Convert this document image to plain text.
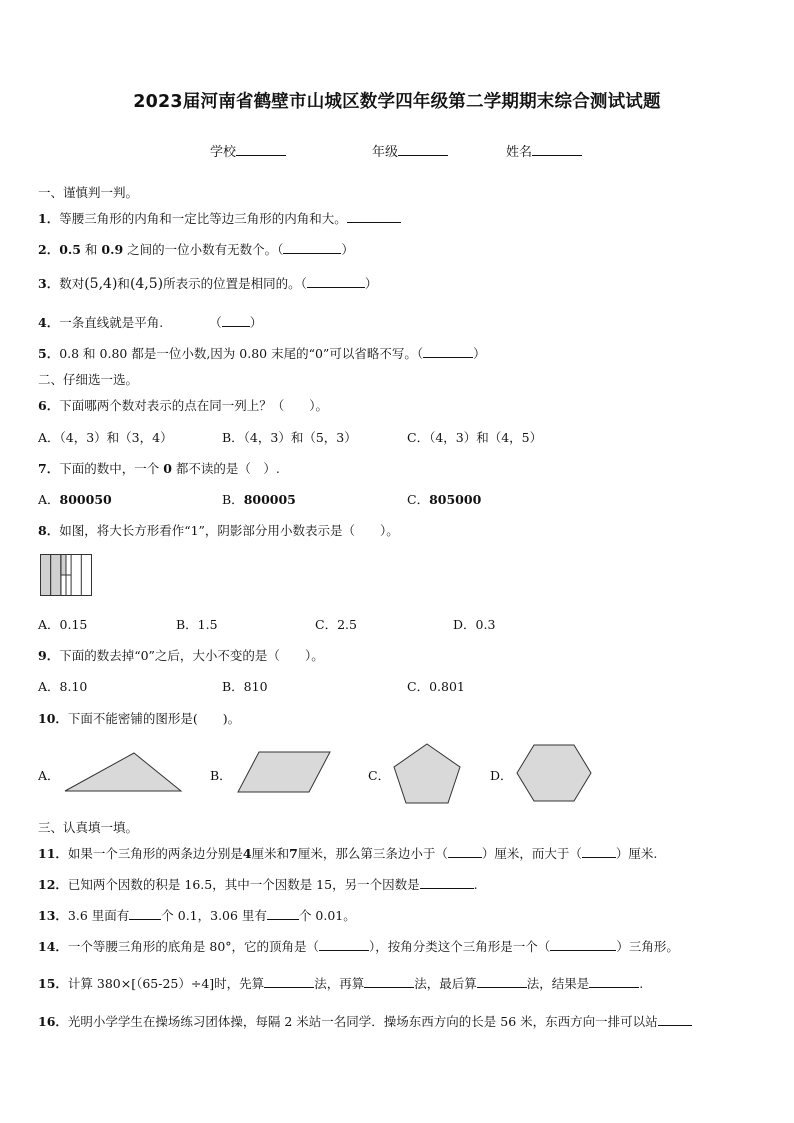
2023届河南省鹤壁市山城区数学四年级第二学期期末综合测试试题
学校	年级	姓名
一、谨慎判一判。
1．等腰三角形的内角和一定比等边三角形的内角和大。
2．0.5 和 0.9 之间的一位小数有无数个。（	）
3．数对(5,4)和(4,5)所表示的位置是相同的。（	）
4．一条直线就是平角.	（ ）
5．0.8 和 0.80 都是一位小数,因为 0.80 末尾的“0”可以省略不写。（	）
二、仔细选一选。
6．下面哪两个数对表示的点在同一列上？（　　）。
A．（4，3）和（3，4）	B．（4，3）和（5，3）	C．（4，3）和（4，5）
7．下面的数中，一个 0 都不读的是（　）.
A．800050	B．800005	C．805000
8．如图，将大长方形看作“1”，阴影部分用小数表示是（　　）。
A．0.15	B．1.5	C．2.5	D．0.3
9．下面的数去掉“0”之后，大小不变的是（　　）。
A．8.10	B．810	C．0.801
10．下面不能密铺的图形是(　　)。
A．	B．	C．	D．
三、认真填一填。
11．如果一个三角形的两条边分别是4厘米和7厘米，那么第三条边小于（	）厘米，而大于（	）厘米.
12．已知两个因数的积是 16.5，其中一个因数是 15，另一个因数是	.
13．3.6 里面有	个 0.1，3.06 里有	个 0.01。
14．一个等腰三角形的底角是 80°，它的顶角是（	），按角分类这个三角形是一个（	）三角形。
15．计算 380×[（65-25）÷4]时，先算	法，再算	法，最后算	法，结果是	.
16．光明小学学生在操场练习团体操，每隔 2 米站一名同学．操场东西方向的长是 56 米，东西方向一排可以站
